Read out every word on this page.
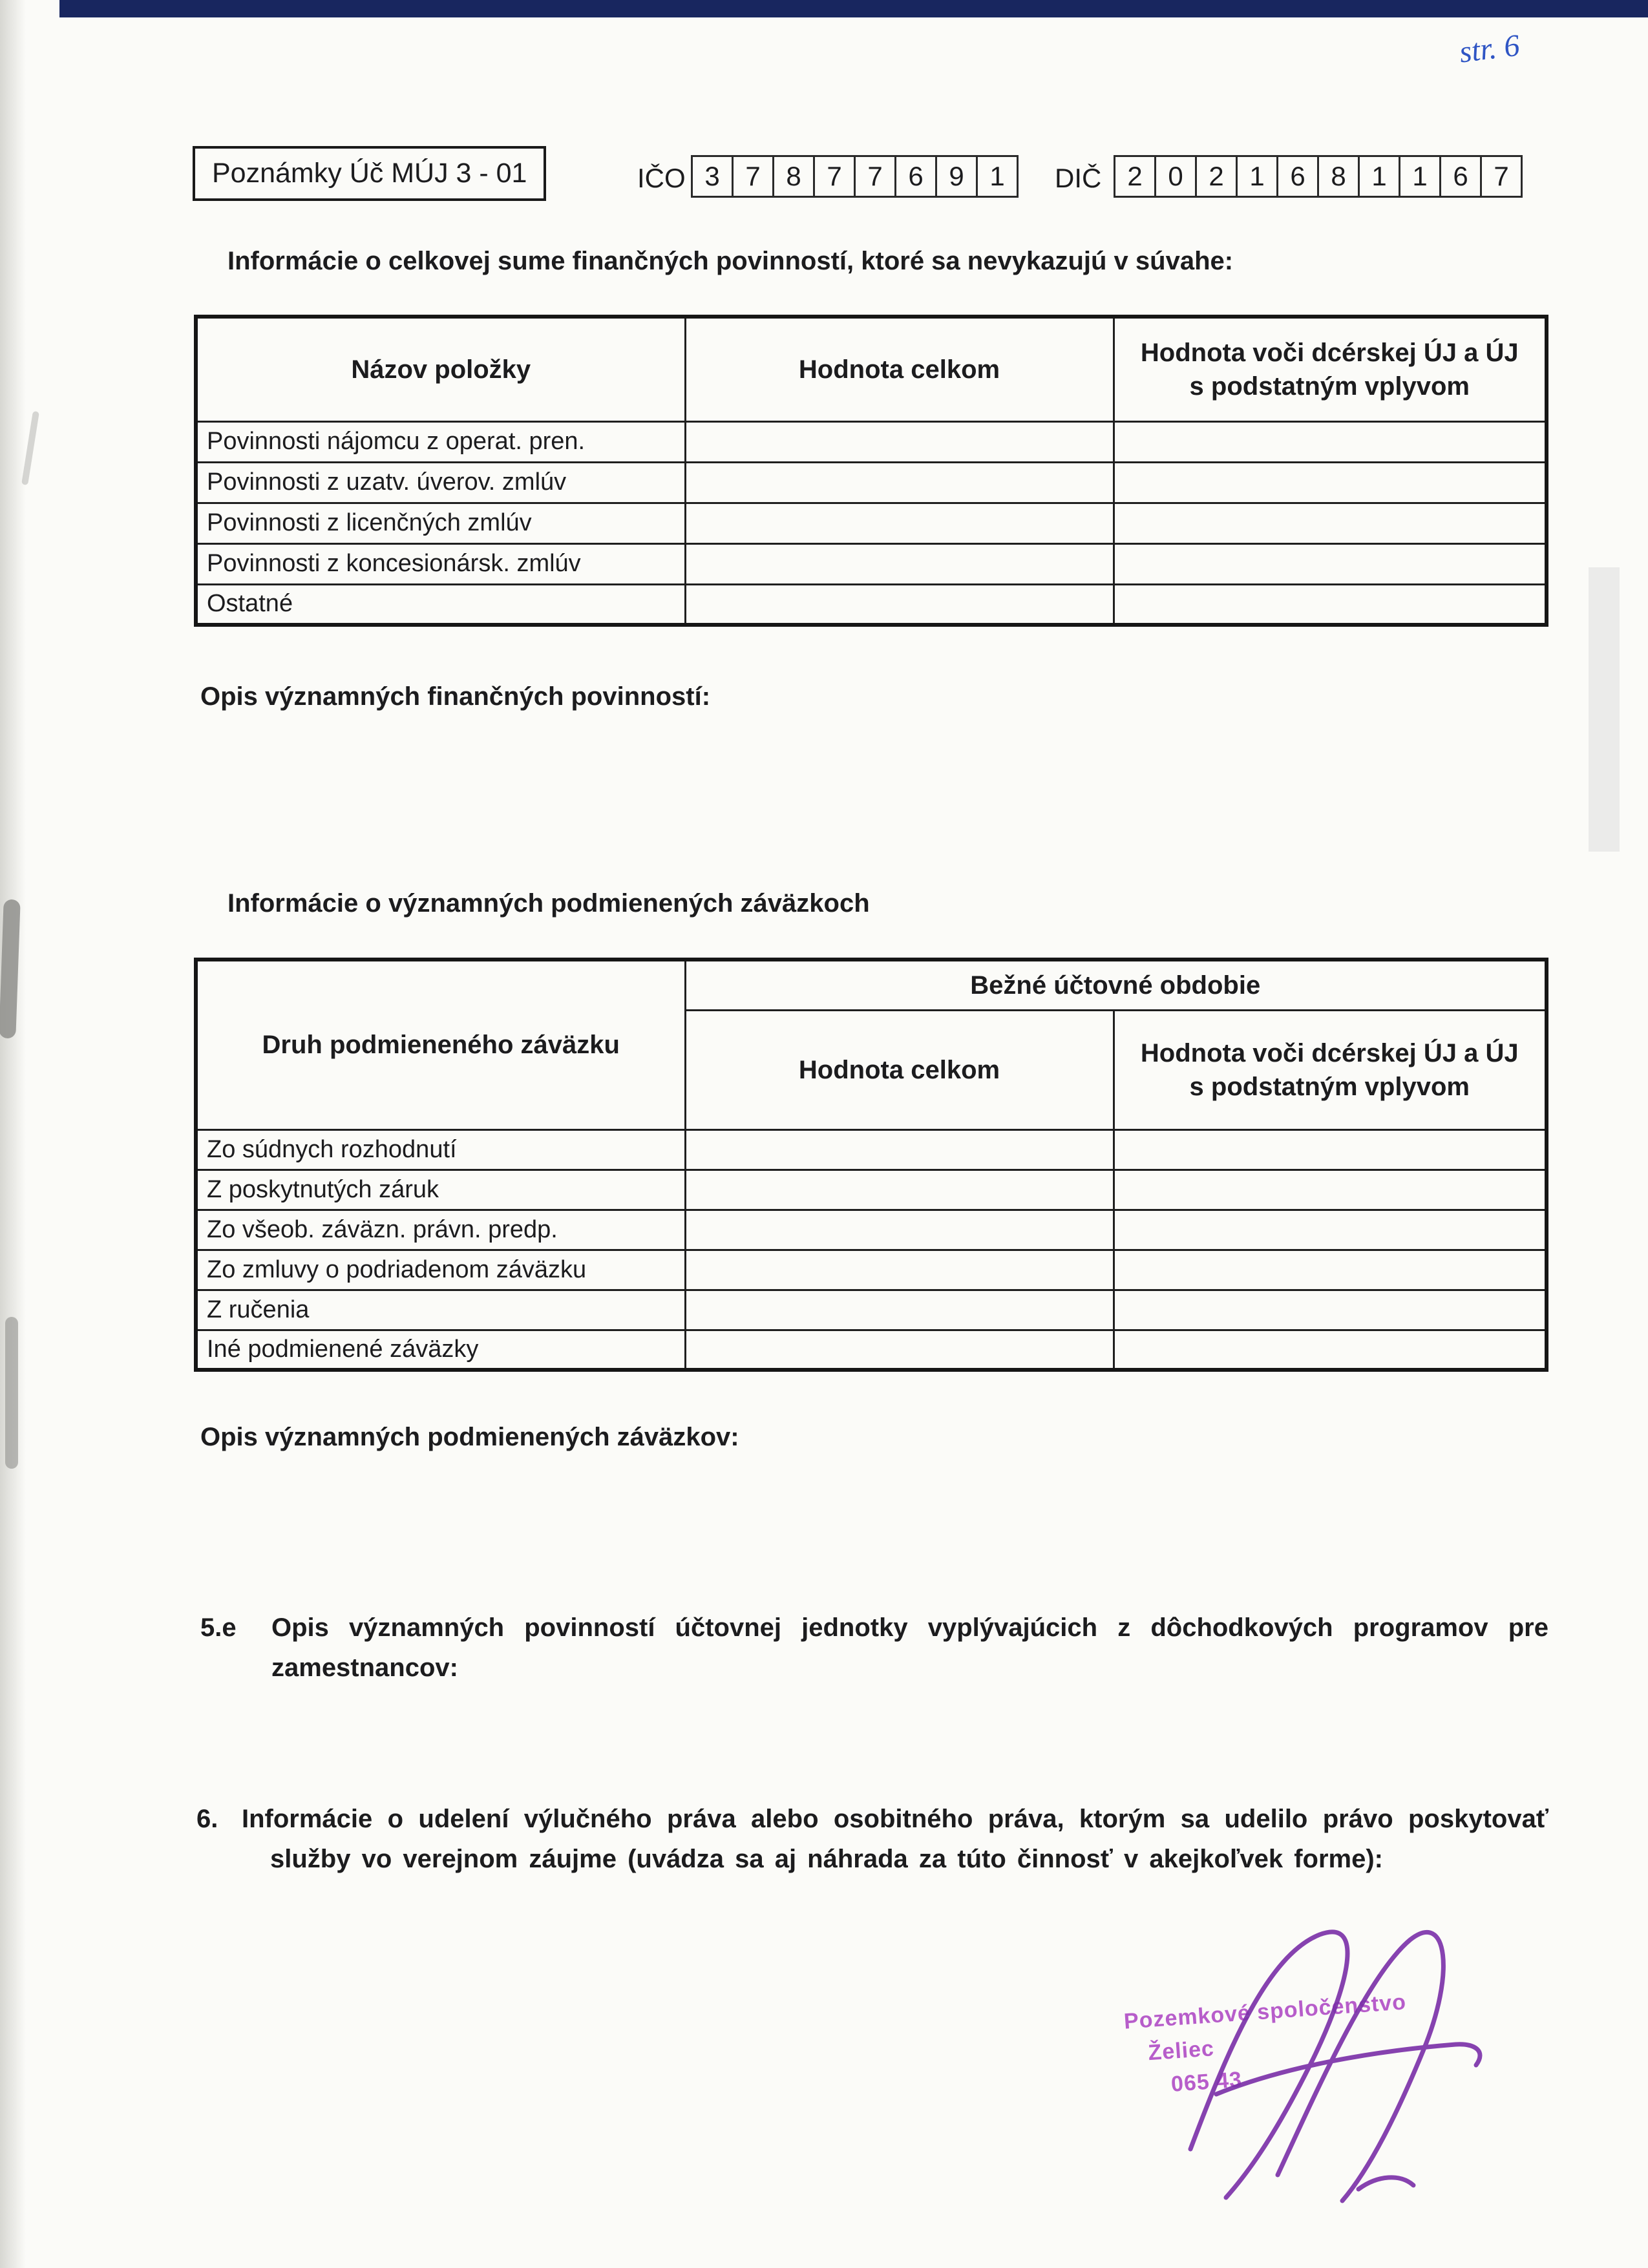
str. 6
Poznámky Úč MÚJ 3 - 01	IČO 3 7 8 7 7 6 9 1	DIČ 2 0 2 1 6 8 1 1 6 7
Informácie o celkovej sume finančných povinností, ktoré sa nevykazujú v súvahe:
Názov položky	Hodnota celkom	Hodnota voči dcérskej ÚJ a ÚJ s podstatným vplyvom
Povinnosti nájomcu z operat. pren.		
Povinnosti z uzatv. úverov. zmlúv		
Povinnosti z licenčných zmlúv		
Povinnosti z koncesionársk. zmlúv		
Ostatné		
Opis významných finančných povinností:
Informácie o významných podmienených záväzkoch
Druh podmieneného záväzku	Bežné účtovné obdobie	
	Hodnota celkom	Hodnota voči dcérskej ÚJ a ÚJ s podstatným vplyvom
Zo súdnych rozhodnutí		
Z poskytnutých záruk		
Zo všeob. záväzn. právn. predp.		
Zo zmluvy o podriadenom záväzku		
Z ručenia		
Iné podmienené záväzky		
Opis významných podmienených záväzkov:
5.e Opis významných povinností účtovnej jednotky vyplývajúcich z dôchodkových programov pre zamestnancov:
6. Informácie o udelení výlučného práva alebo osobitného práva, ktorým sa udelilo právo poskytovať služby vo verejnom záujme (uvádza sa aj náhrada za túto činnosť v akejkoľvek forme):
Pozemkové spoločenstvo
Želiec
065 43
